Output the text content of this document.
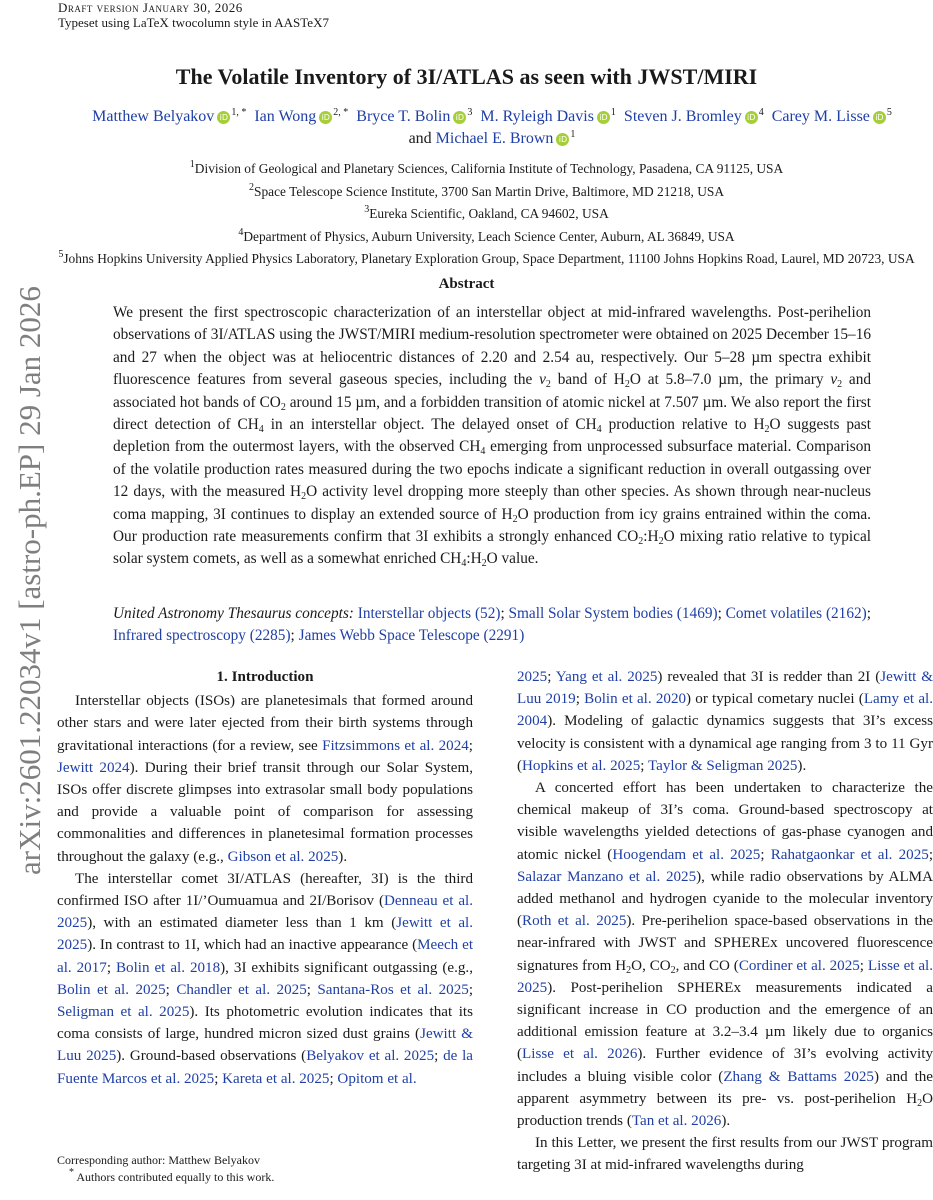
Draft version January 30, 2026
Typeset using LaTeX twocolumn style in AASTeX7
arXiv:2601.22034v1 [astro-ph.EP] 29 Jan 2026
The Volatile Inventory of 3I/ATLAS as seen with JWST/MIRI
Matthew Belyakov iD $^{1, *}$ Ian Wong iD $^{2, *}$ Bryce T. Bolin iD $^3$ M. Ryleigh Davis iD $^1$ Steven J. Bromley iD $^4$ Carey M. Lisse iD $^5$
and Michael E. Brown iD $^1$
$^1$Division of Geological and Planetary Sciences, California Institute of Technology, Pasadena, CA 91125, USA
$^2$Space Telescope Science Institute, 3700 San Martin Drive, Baltimore, MD 21218, USA
$^3$Eureka Scientific, Oakland, CA 94602, USA
$^4$Department of Physics, Auburn University, Leach Science Center, Auburn, AL 36849, USA
$^5$Johns Hopkins University Applied Physics Laboratory, Planetary Exploration Group, Space Department, 11100 Johns Hopkins Road, Laurel, MD 20723, USA
Abstract
We present the first spectroscopic characterization of an interstellar object at mid-infrared wavelengths. Post-perihelion observations of 3I/ATLAS using the JWST/MIRI medium-resolution spectrometer were obtained on 2025 December 15–16 and 27 when the object was at heliocentric distances of 2.20 and 2.54 au, respectively. Our 5–28 µm spectra exhibit fluorescence features from several gaseous species, including the $\nu_2$ band of $H_2O$ at 5.8–7.0 µm, the primary $\nu_2$ and associated hot bands of $CO_2$ around 15 µm, and a forbidden transition of atomic nickel at 7.507 µm. We also report the first direct detection of $CH_4$ in an interstellar object. The delayed onset of $CH_4$ production relative to $H_2O$ suggests past depletion from the outermost layers, with the observed $CH_4$ emerging from unprocessed subsurface material. Comparison of the volatile production rates measured during the two epochs indicate a significant reduction in overall outgassing over 12 days, with the measured $H_2O$ activity level dropping more steeply than other species. As shown through near-nucleus coma mapping, 3I continues to display an extended source of $H_2O$ production from icy grains entrained within the coma. Our production rate measurements confirm that 3I exhibits a strongly enhanced $CO_2:H_2O$ mixing ratio relative to typical solar system comets, as well as a somewhat enriched $CH_4:H_2O$ value.
United Astronomy Thesaurus concepts: Interstellar objects (52); Small Solar System bodies (1469); Comet volatiles (2162); Infrared spectroscopy (2285); James Webb Space Telescope (2291)
1. Introduction

Interstellar objects (ISOs) are planetesimals that formed around other stars and were later ejected from their birth systems through gravitational interactions (for a review, see Fitzsimmons et al. 2024; Jewitt 2024). During their brief transit through our Solar System, ISOs offer discrete glimpses into extrasolar small body populations and provide a valuable point of comparison for assessing commonalities and differences in planetesimal formation processes throughout the galaxy (e.g., Gibson et al. 2025).

The interstellar comet 3I/ATLAS (hereafter, 3I) is the third confirmed ISO after 1I/’Oumuamua and 2I/Borisov (Denneau et al. 2025), with an estimated diameter less than 1 km (Jewitt et al. 2025). In contrast to 1I, which had an inactive appearance (Meech et al. 2017; Bolin et al. 2018), 3I exhibits significant outgassing (e.g., Bolin et al. 2025; Chandler et al. 2025; Santana-Ros et al. 2025; Seligman et al. 2025). Its photometric evolution indicates that its coma consists of large, hundred micron sized dust grains (Jewitt & Luu 2025). Ground-based observations (Belyakov et al. 2025; de la Fuente Marcos et al. 2025; Kareta et al. 2025; Opitom et al.

2025; Yang et al. 2025) revealed that 3I is redder than 2I (Jewitt & Luu 2019; Bolin et al. 2020) or typical cometary nuclei (Lamy et al. 2004). Modeling of galactic dynamics suggests that 3I’s excess velocity is consistent with a dynamical age ranging from 3 to 11 Gyr (Hopkins et al. 2025; Taylor & Seligman 2025).

A concerted effort has been undertaken to characterize the chemical makeup of 3I’s coma. Ground-based spectroscopy at visible wavelengths yielded detections of gas-phase cyanogen and atomic nickel (Hoogendam et al. 2025; Rahatgaonkar et al. 2025; Salazar Manzano et al. 2025), while radio observations by ALMA added methanol and hydrogen cyanide to the molecular inventory (Roth et al. 2025). Pre-perihelion space-based observations in the near-infrared with JWST and SPHEREx uncovered fluorescence signatures from $H_2O$, $CO_2$, and CO (Cordiner et al. 2025; Lisse et al. 2025). Post-perihelion SPHEREx measurements indicated a significant increase in CO production and the emergence of an additional emission feature at 3.2–3.4 µm likely due to organics (Lisse et al. 2026). Further evidence of 3I’s evolving activity includes a bluing visible color (Zhang & Battams 2025) and the apparent asymmetry between its pre- vs. post-perihelion $H_2O$ production trends (Tan et al. 2026).

In this Letter, we present the first results from our JWST program targeting 3I at mid-infrared wavelengths during

Corresponding author: Matthew Belyakov
* Authors contributed equally to this work.
